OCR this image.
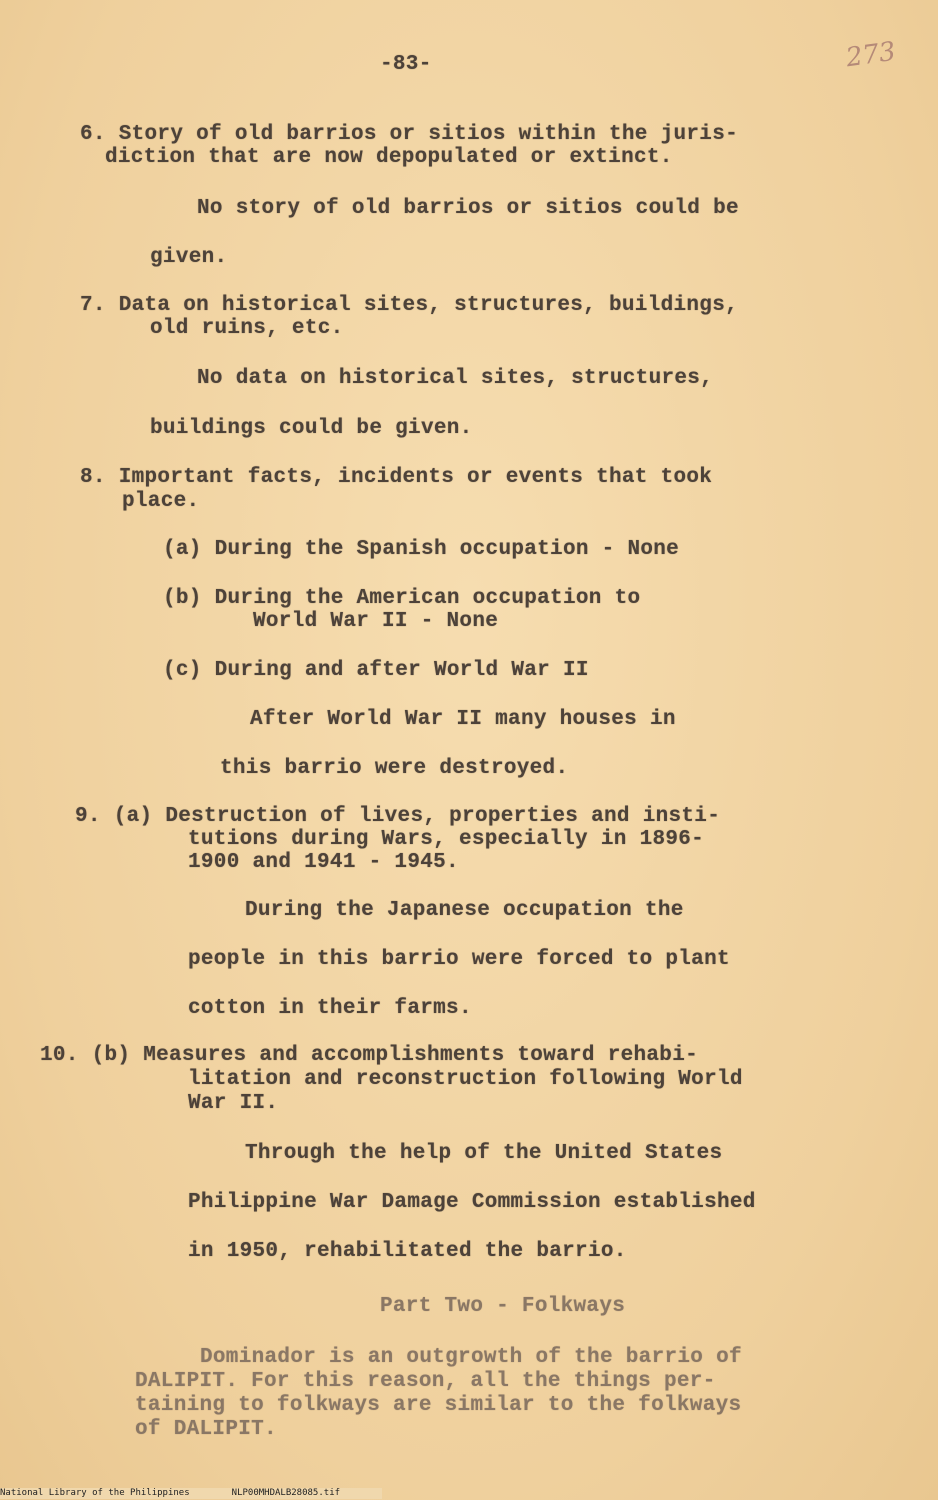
-83-	273
6. Story of old barrios or sitios within the juris-
diction that are now depopulated or extinct.
No story of old barrios or sitios could be
given.
7. Data on historical sites, structures, buildings,
old ruins, etc.
No data on historical sites, structures,
buildings could be given.
8. Important facts, incidents or events that took
place.
(a) During the Spanish occupation - None
(b) During the American occupation to
World War II - None
(c) During and after World War II
After World War II many houses in
this barrio were destroyed.
9. (a) Destruction of lives, properties and insti-
tutions during Wars, especially in 1896-
1900 and 1941 - 1945.
During the Japanese occupation the
people in this barrio were forced to plant
cotton in their farms.
10. (b) Measures and accomplishments toward rehabi-
litation and reconstruction following World
War II.
Through the help of the United States
Philippine War Damage Commission established
in 1950, rehabilitated the barrio.
Part Two - Folkways
Dominador is an outgrowth of the barrio of
DALIPIT. For this reason, all the things per-
taining to folkways are similar to the folkways
of DALIPIT.
National Library of the Philippines	NLP00MHDALB28085.tif
